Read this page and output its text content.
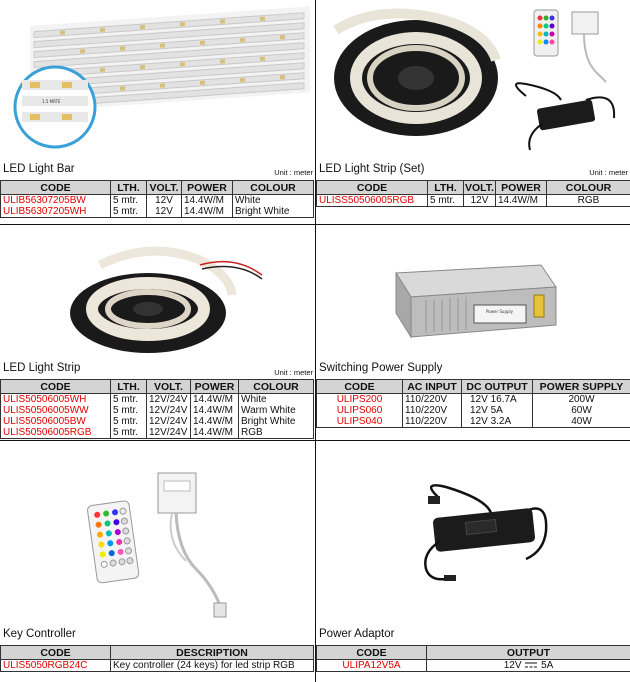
1.5 MRTE
LED Light Bar	Unit : meter
CODE	LTH.	VOLT.	POWER	COLOUR
ULIB56307205BW	5 mtr.	12V	14.4W/M	White
ULIB56307205WH	5 mtr.	12V	14.4W/M	Bright White
LED Light Strip (Set)	Unit : meter
CODE	LTH.	VOLT.	POWER	COLOUR
ULISS50506005RGB	5 mtr.	12V	14.4W/M	RGB
LED Light Strip	Unit : meter
CODE	LTH.	VOLT.	POWER	COLOUR
ULIS50506005WH	5 mtr.	12V/24V	14.4W/M	White
ULIS50506005WW	5 mtr.	12V/24V	14.4W/M	Warm White
ULIS50506005BW	5 mtr.	12V/24V	14.4W/M	Bright White
ULIS50506005RGB	5 mtr.	12V/24V	14.4W/M	RGB
Power Supply
Switching Power Supply
CODE	AC INPUT	DC OUTPUT	POWER SUPPLY
ULIPS200	110/220V	12V 16.7A	200W
ULIPS060	110/220V	12V 5A	60W
ULIPS040	110/220V	12V 3.2A	40W
Key Controller
CODE	DESCRIPTION
ULIS5050RGB24C	Key controller (24 keys) for led strip RGB
Power Adaptor
CODE	OUTPUT
ULIPA12V5A	12V 5A
